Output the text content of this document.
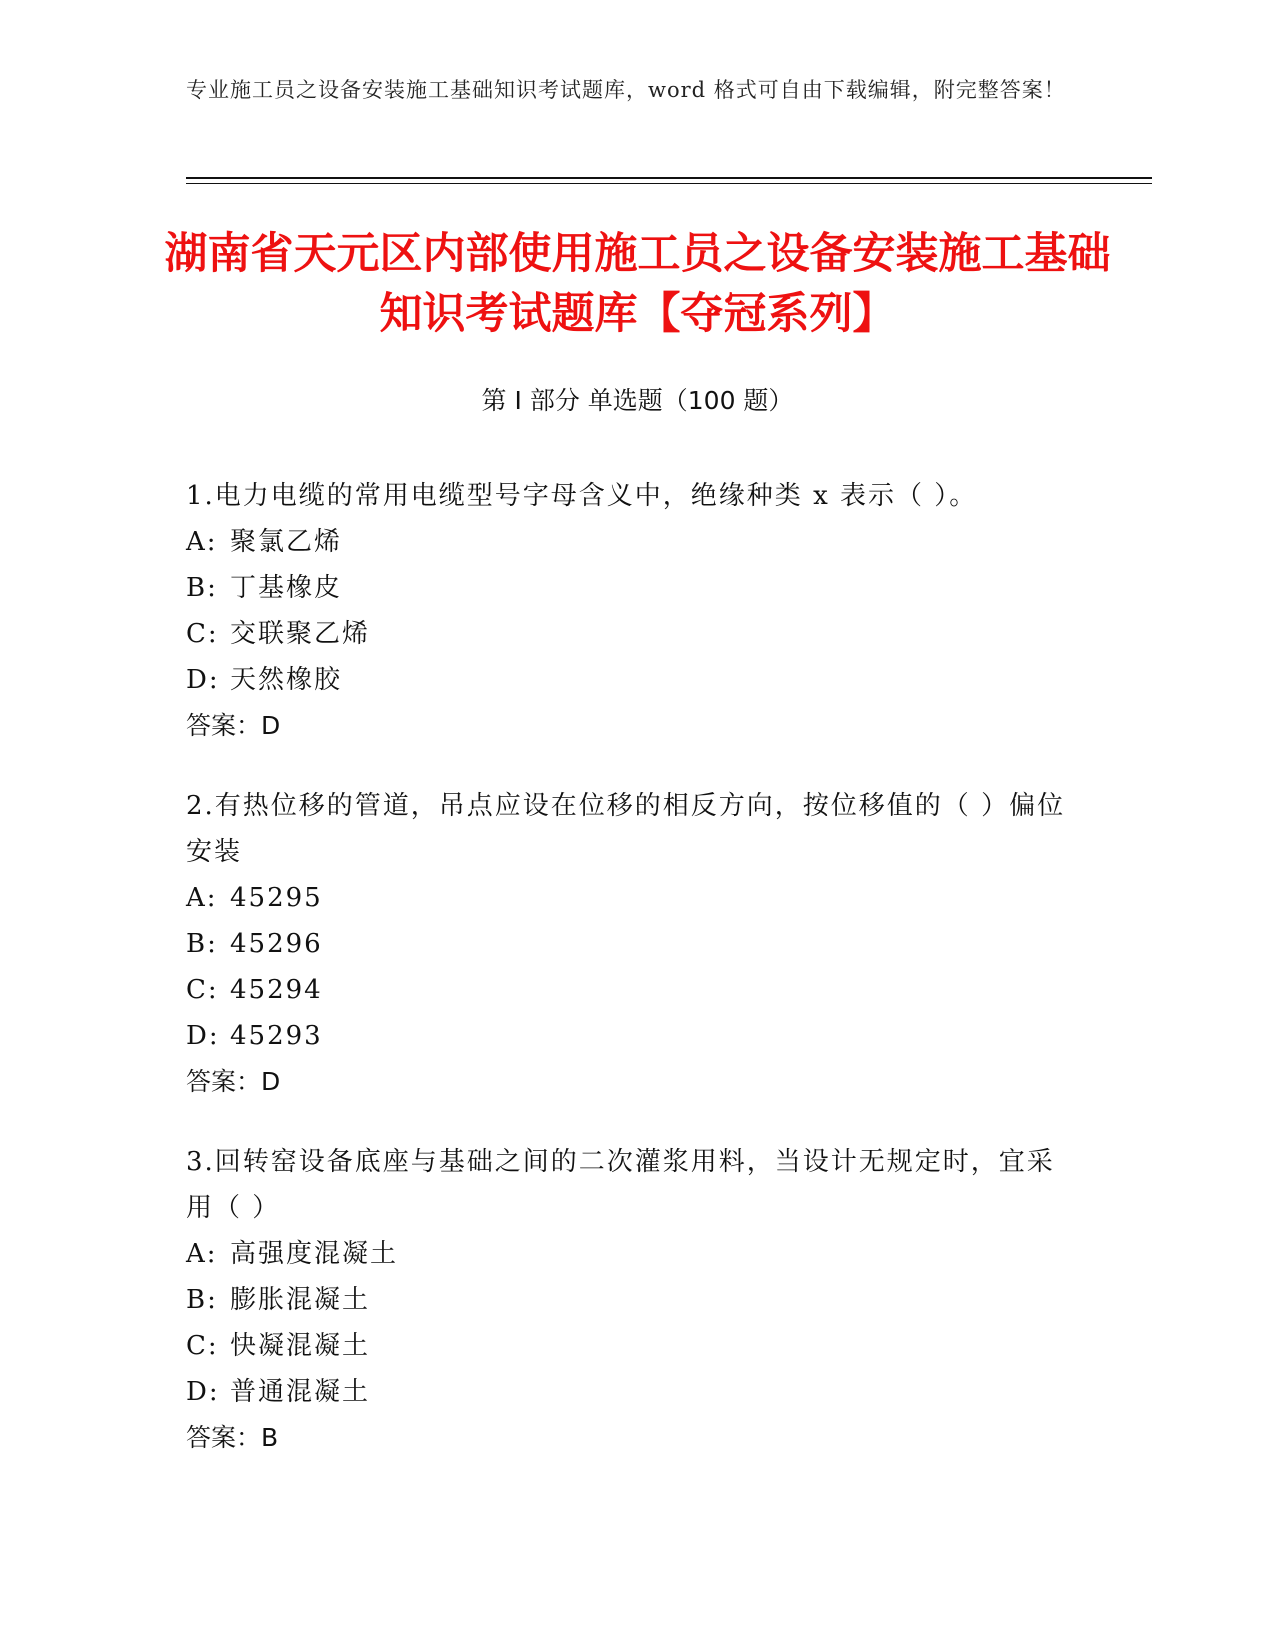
专业施工员之设备安装施工基础知识考试题库，word 格式可自由下载编辑，附完整答案！
湖南省天元区内部使用施工员之设备安装施工基础知识考试题库【夺冠系列】
第 I 部分 单选题（100 题）
1.电力电缆的常用电缆型号字母含义中，绝缘种类 x 表示（ ）。
A: 聚氯乙烯
B: 丁基橡皮
C: 交联聚乙烯
D: 天然橡胶
答案：D
2.有热位移的管道，吊点应设在位移的相反方向，按位移值的（ ）偏位安装
A: 45295
B: 45296
C: 45294
D: 45293
答案：D
3.回转窑设备底座与基础之间的二次灌浆用料，当设计无规定时，宜采用（ ）
A: 高强度混凝土
B: 膨胀混凝土
C: 快凝混凝土
D: 普通混凝土
答案：B
